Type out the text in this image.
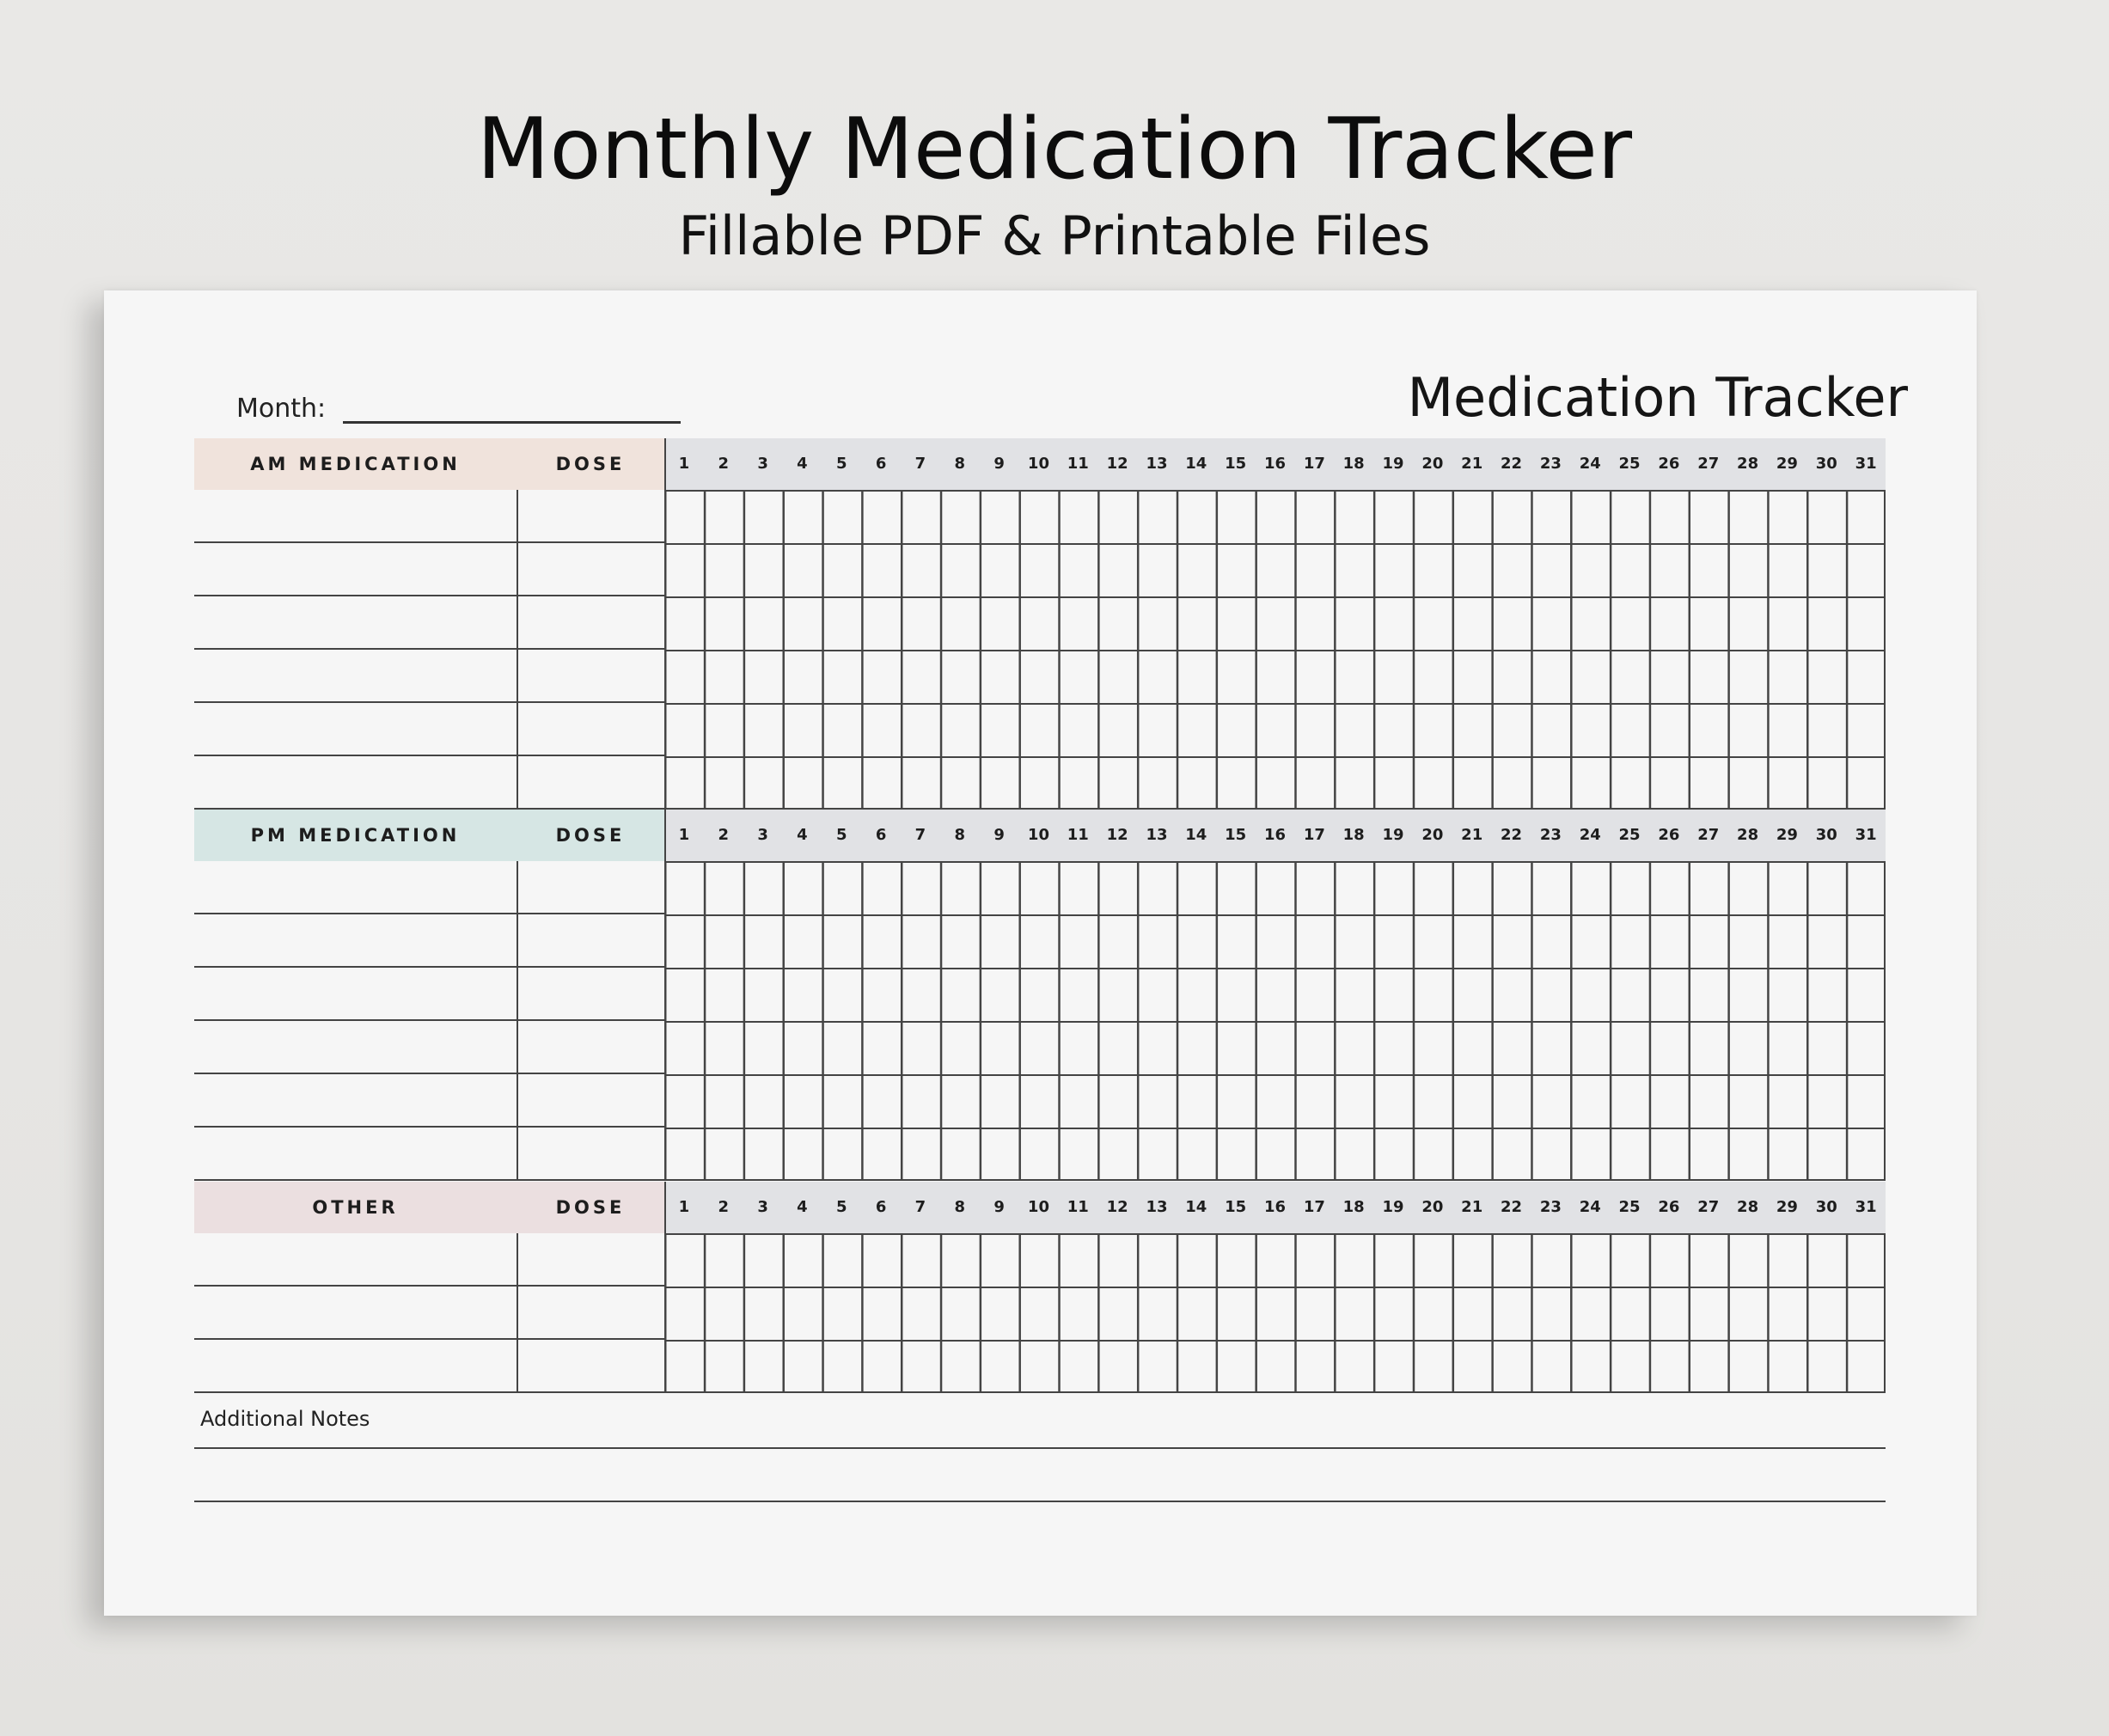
Monthly Medication Tracker
Fillable PDF & Printable Files
Medication Tracker
Month:
AM MEDICATION	DOSE	1	2	3	4	5	6	7	8	9	10	11	12	13	14	15	16	17	18	19	20	21	22	23	24	25	26	27	28	29	30	31
PM MEDICATION	DOSE	1	2	3	4	5	6	7	8	9	10	11	12	13	14	15	16	17	18	19	20	21	22	23	24	25	26	27	28	29	30	31
OTHER	DOSE	1	2	3	4	5	6	7	8	9	10	11	12	13	14	15	16	17	18	19	20	21	22	23	24	25	26	27	28	29	30	31
Additional Notes
